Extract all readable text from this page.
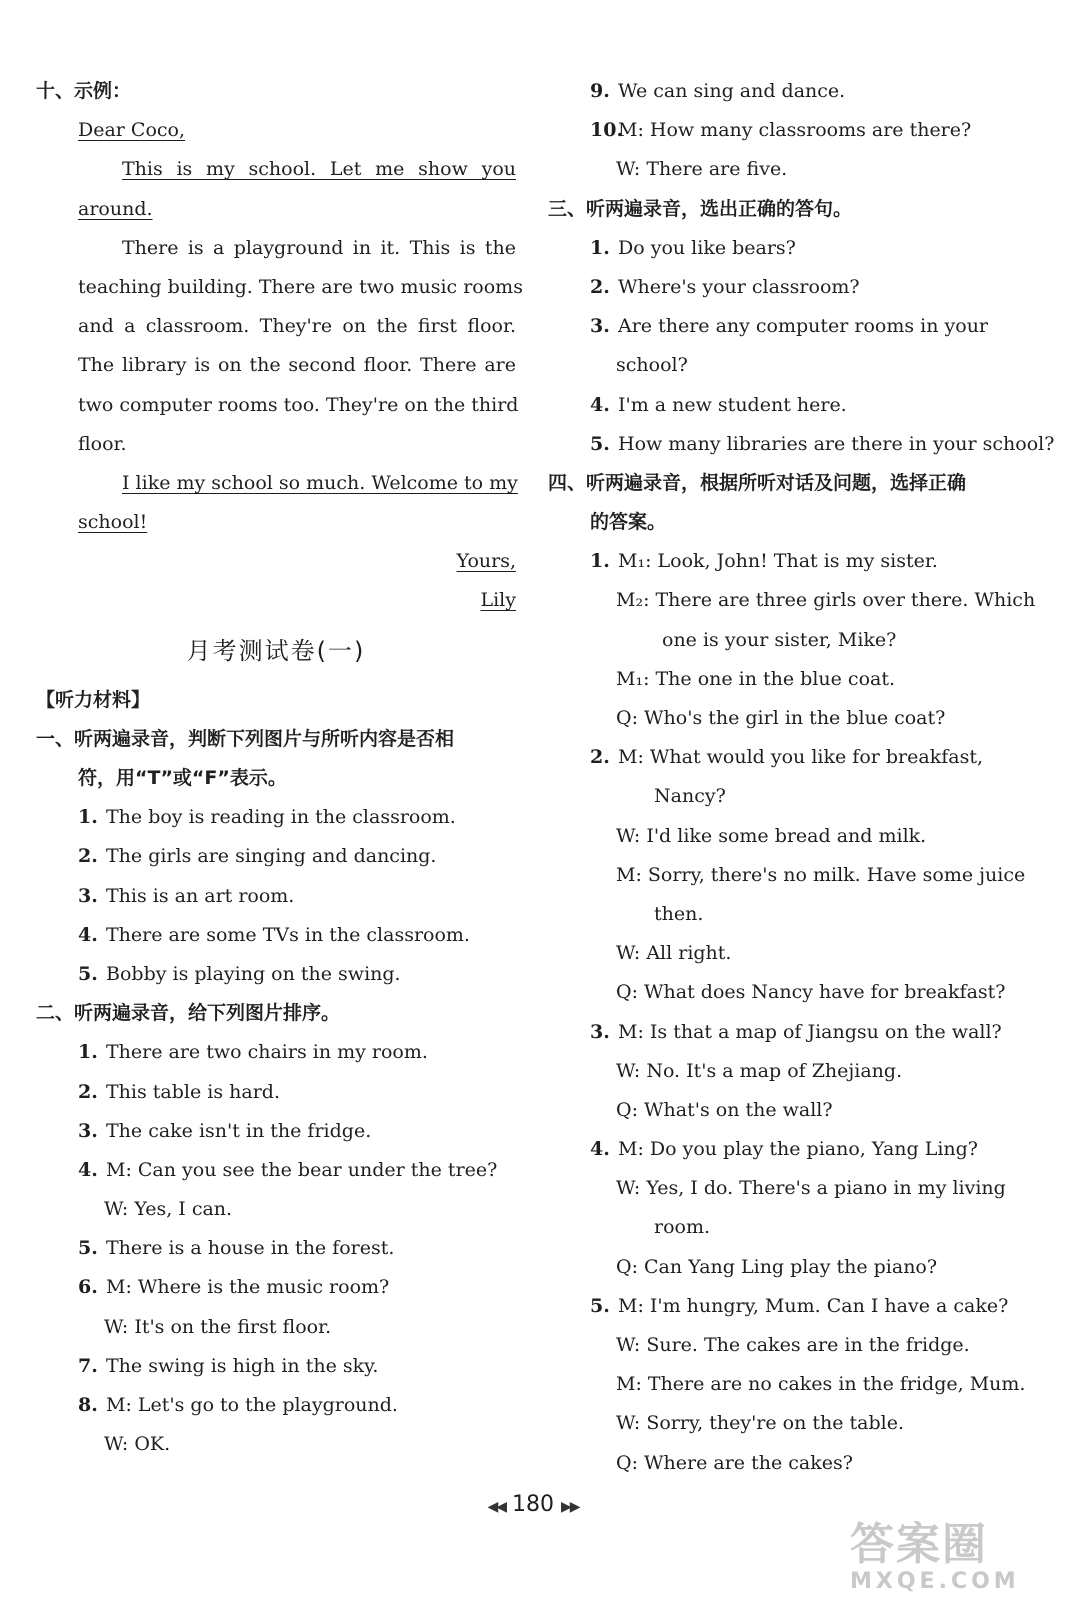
十、示例：
Dear Coco,
This is my school. Let me show you
around.
There is a playground in it. This is the
teaching building. There are two music rooms
and a classroom. They're on the first floor.
The library is on the second floor. There are
two computer rooms too. They're on the third
floor.
I like my school so much. Welcome to my
school!
Yours,
Lily
月考测试卷(一)
【听力材料】
一、听两遍录音，判断下列图片与所听内容是否相
符，用“T”或“F”表示。
1. The boy is reading in the classroom.
2. The girls are singing and dancing.
3. This is an art room.
4. There are some TVs in the classroom.
5. Bobby is playing on the swing.
二、听两遍录音，给下列图片排序。
1. There are two chairs in my room.
2. This table is hard.
3. The cake isn't in the fridge.
4. M: Can you see the bear under the tree?
W: Yes, I can.
5. There is a house in the forest.
6. M: Where is the music room?
W: It's on the first floor.
7. The swing is high in the sky.
8. M: Let's go to the playground.
W: OK.
9. We can sing and dance.
10.M: How many classrooms are there?
W: There are five.
三、听两遍录音，选出正确的答句。
1. Do you like bears?
2. Where's your classroom?
3. Are there any computer rooms in your
school?
4. I'm a new student here.
5. How many libraries are there in your school?
四、听两遍录音，根据所听对话及问题，选择正确
的答案。
1. M₁: Look, John! That is my sister.
M₂: There are three girls over there. Which
one is your sister, Mike?
M₁: The one in the blue coat.
Q: Who's the girl in the blue coat?
2. M: What would you like for breakfast,
Nancy?
W: I'd like some bread and milk.
M: Sorry, there's no milk. Have some juice
then.
W: All right.
Q: What does Nancy have for breakfast?
3. M: Is that a map of Jiangsu on the wall?
W: No. It's a map of Zhejiang.
Q: What's on the wall?
4. M: Do you play the piano, Yang Ling?
W: Yes, I do. There's a piano in my living
room.
Q: Can Yang Ling play the piano?
5. M: I'm hungry, Mum. Can I have a cake?
W: Sure. The cakes are in the fridge.
M: There are no cakes in the fridge, Mum.
W: Sorry, they're on the table.
Q: Where are the cakes?
◀◀ 180 ▶▶
答案圈
MXQE.COM
